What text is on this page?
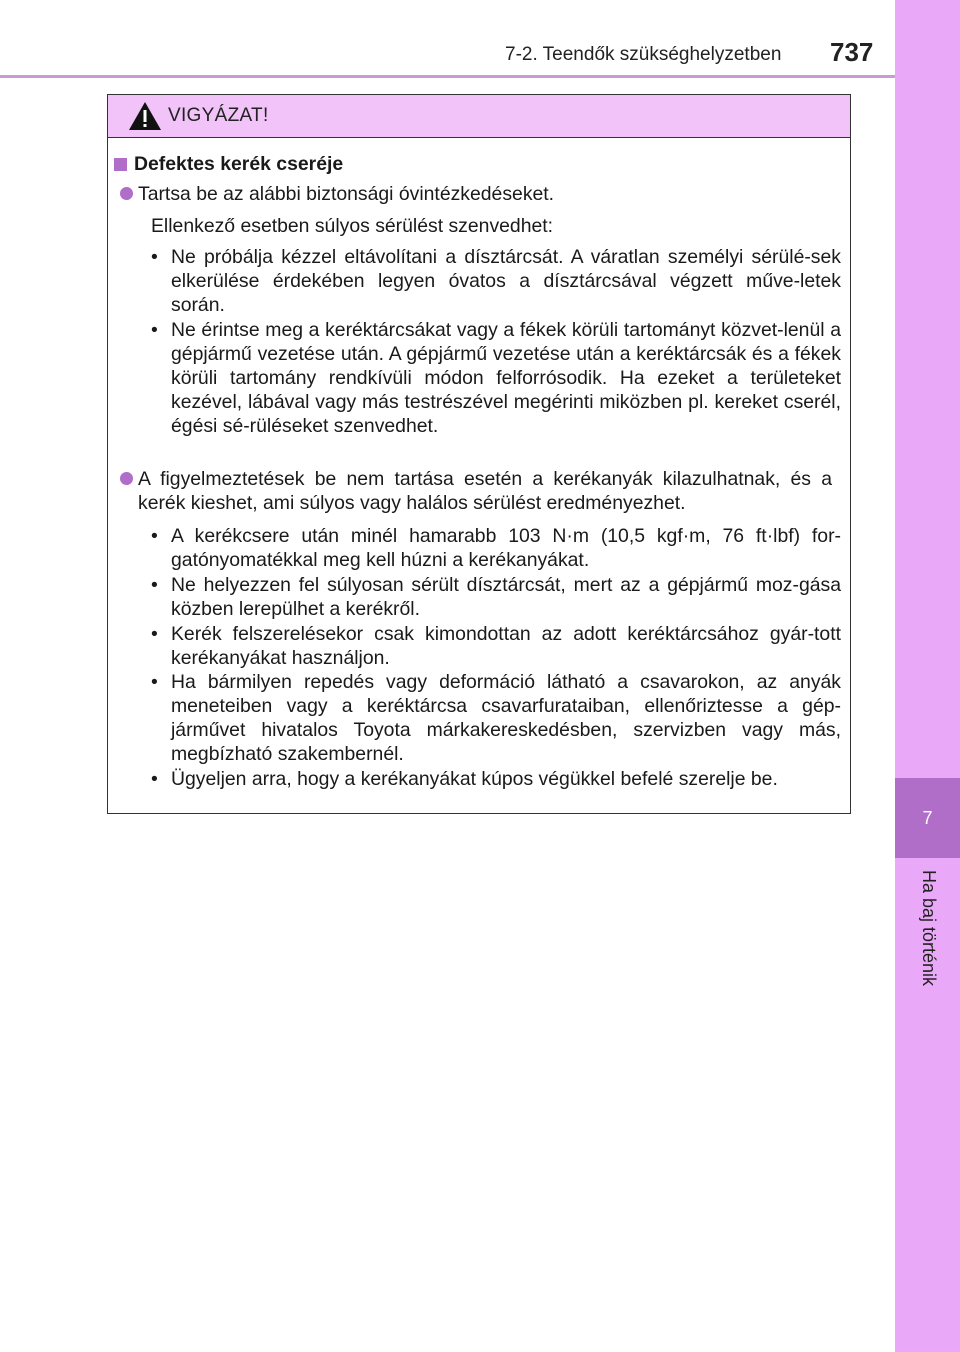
7-2. Teendők szükséghelyzetben 737
7
Ha baj történik
VIGYÁZAT!
Defektes kerék cseréje
Tartsa be az alábbi biztonsági óvintézkedéseket.
Ellenkező esetben súlyos sérülést szenvedhet:
• Ne próbálja kézzel eltávolítani a dísztárcsát. A váratlan személyi sérülé-sek elkerülése érdekében legyen óvatos a dísztárcsával végzett műve-letek során.
• Ne érintse meg a keréktárcsákat vagy a fékek körüli tartományt közvet-lenül a gépjármű vezetése után. A gépjármű vezetése után a keréktárcsák és a fékek körüli tartomány rendkívüli módon felforrósodik. Ha ezeket a területeket kezével, lábával vagy más testrészével megérinti miközben pl. kereket cserél, égési sé-rüléseket szenvedhet.
A figyelmeztetések be nem tartása esetén a kerékanyák kilazulhatnak, és a kerék kieshet, ami súlyos vagy halálos sérülést eredményezhet.
• A kerékcsere után minél hamarabb 103 N·m (10,5 kgf·m, 76 ft·lbf) for-gatónyomatékkal meg kell húzni a kerékanyákat.
• Ne helyezzen fel súlyosan sérült dísztárcsát, mert az a gépjármű moz-gása közben lerepülhet a kerékről.
• Kerék felszerelésekor csak kimondottan az adott keréktárcsához gyár-tott kerékanyákat használjon.
• Ha bármilyen repedés vagy deformáció látható a csavarokon, az anyák meneteiben vagy a keréktárcsa csavarfurataiban, ellenőriztesse a gép-járművet hivatalos Toyota márkakereskedésben, szervizben vagy más, megbízható szakembernél.
• Ügyeljen arra, hogy a kerékanyákat kúpos végükkel befelé szerelje be.
